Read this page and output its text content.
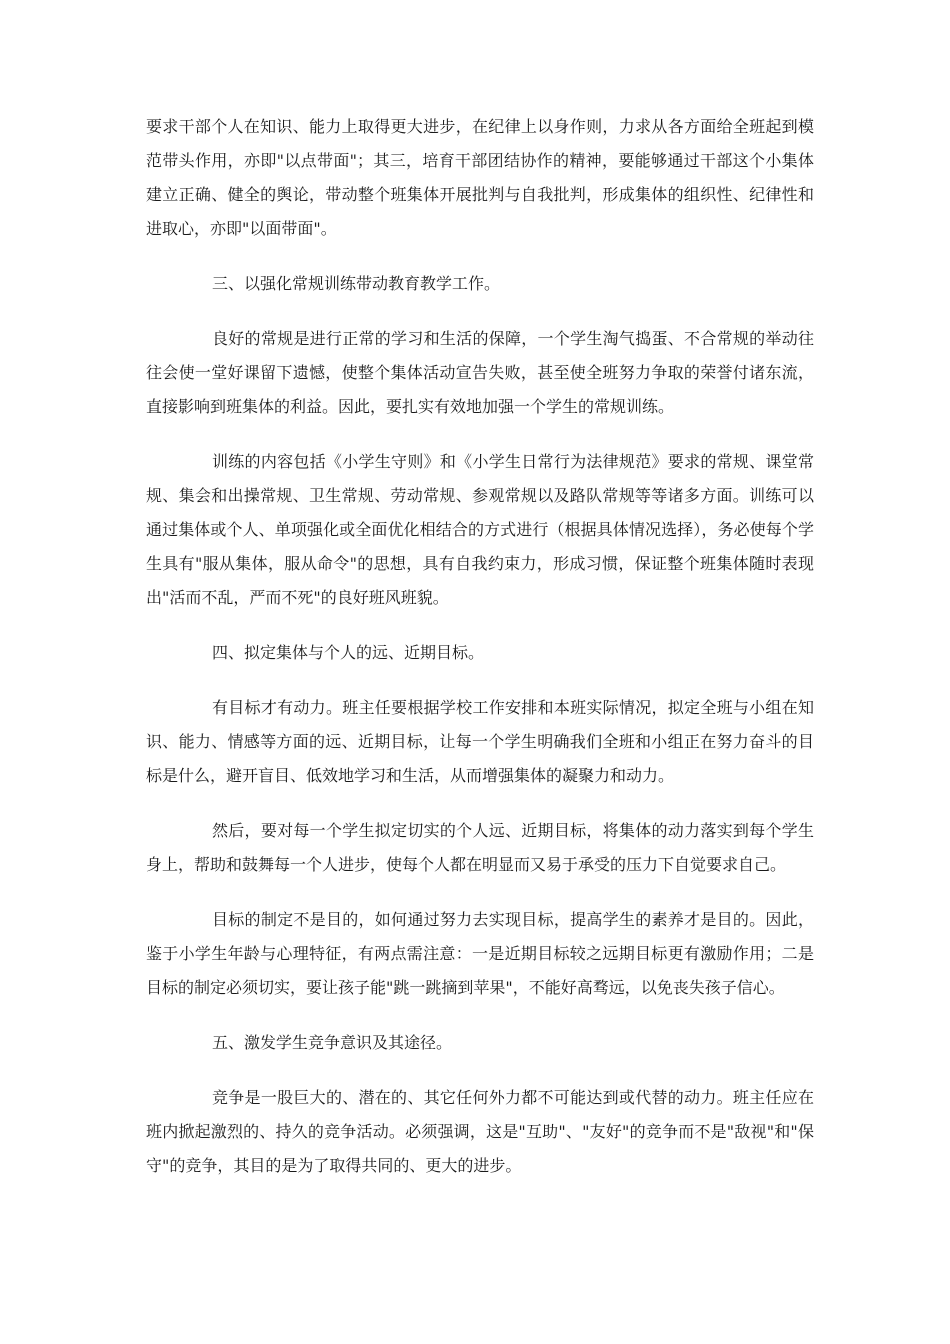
要求干部个人在知识、能力上取得更大进步，在纪律上以身作则，力求从各方面给全班起到模范带头作用，亦即"以点带面"；其三，培育干部团结协作的精神，要能够通过干部这个小集体建立正确、健全的舆论，带动整个班集体开展批判与自我批判，形成集体的组织性、纪律性和进取心，亦即"以面带面"。

三、以强化常规训练带动教育教学工作。

良好的常规是进行正常的学习和生活的保障，一个学生淘气捣蛋、不合常规的举动往往会使一堂好课留下遗憾，使整个集体活动宣告失败，甚至使全班努力争取的荣誉付诸东流，直接影响到班集体的利益。因此，要扎实有效地加强一个学生的常规训练。

训练的内容包括《小学生守则》和《小学生日常行为法律规范》要求的常规、课堂常规、集会和出操常规、卫生常规、劳动常规、参观常规以及路队常规等等诸多方面。训练可以通过集体或个人、单项强化或全面优化相结合的方式进行（根据具体情况选择），务必使每个学生具有"服从集体，服从命令"的思想，具有自我约束力，形成习惯，保证整个班集体随时表现出"活而不乱，严而不死"的良好班风班貌。

四、拟定集体与个人的远、近期目标。

有目标才有动力。班主任要根据学校工作安排和本班实际情况，拟定全班与小组在知识、能力、情感等方面的远、近期目标，让每一个学生明确我们全班和小组正在努力奋斗的目标是什么，避开盲目、低效地学习和生活，从而增强集体的凝聚力和动力。

然后，要对每一个学生拟定切实的个人远、近期目标，将集体的动力落实到每个学生身上，帮助和鼓舞每一个人进步，使每个人都在明显而又易于承受的压力下自觉要求自己。

目标的制定不是目的，如何通过努力去实现目标，提高学生的素养才是目的。因此，鉴于小学生年龄与心理特征，有两点需注意：一是近期目标较之远期目标更有激励作用；二是目标的制定必须切实，要让孩子能"跳一跳摘到苹果"，不能好高骛远，以免丧失孩子信心。

五、激发学生竞争意识及其途径。

竞争是一股巨大的、潜在的、其它任何外力都不可能达到或代替的动力。班主任应在班内掀起激烈的、持久的竞争活动。必须强调，这是"互助"、"友好"的竞争而不是"敌视"和"保守"的竞争，其目的是为了取得共同的、更大的进步。
